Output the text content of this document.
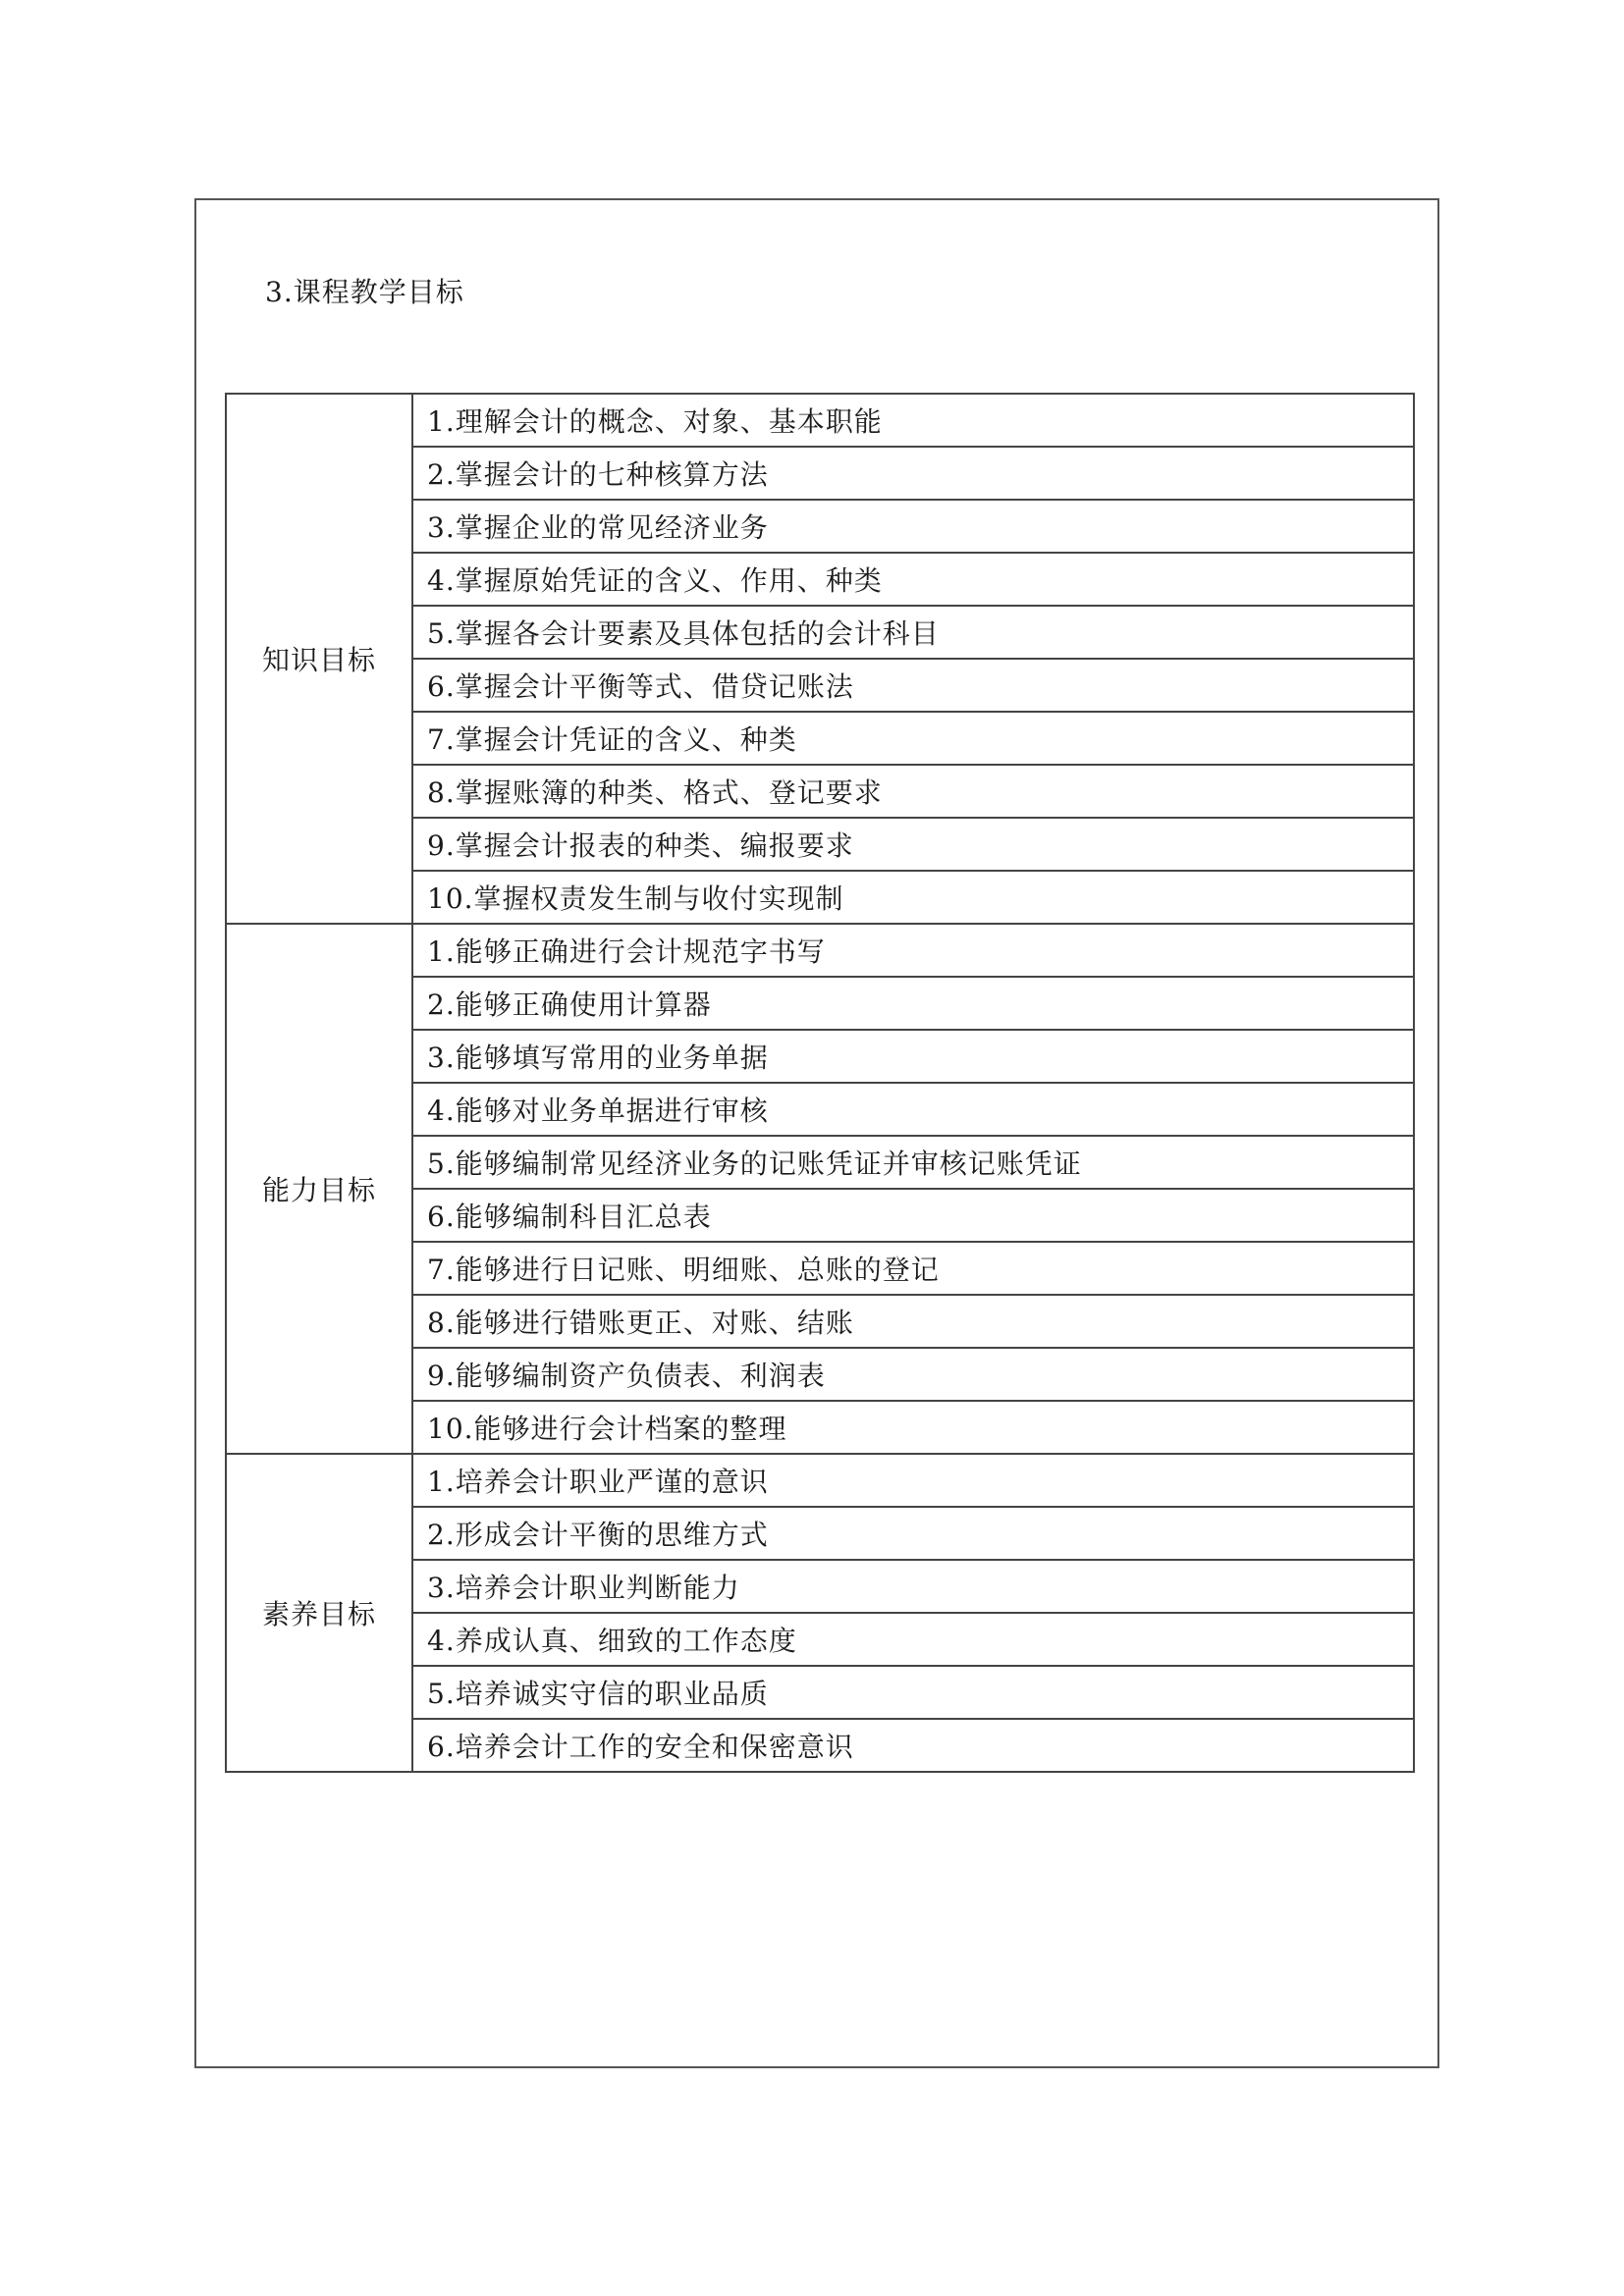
3.课程教学目标
知识目标	1.理解会计的概念、对象、基本职能
	2.掌握会计的七种核算方法
	3.掌握企业的常见经济业务
	4.掌握原始凭证的含义、作用、种类
	5.掌握各会计要素及具体包括的会计科目
	6.掌握会计平衡等式、借贷记账法
	7.掌握会计凭证的含义、种类
	8.掌握账簿的种类、格式、登记要求
	9.掌握会计报表的种类、编报要求
	10.掌握权责发生制与收付实现制
能力目标	1.能够正确进行会计规范字书写
	2.能够正确使用计算器
	3.能够填写常用的业务单据
	4.能够对业务单据进行审核
	5.能够编制常见经济业务的记账凭证并审核记账凭证
	6.能够编制科目汇总表
	7.能够进行日记账、明细账、总账的登记
	8.能够进行错账更正、对账、结账
	9.能够编制资产负债表、利润表
	10.能够进行会计档案的整理
素养目标	1.培养会计职业严谨的意识
	2.形成会计平衡的思维方式
	3.培养会计职业判断能力
	4.养成认真、细致的工作态度
	5.培养诚实守信的职业品质
	6.培养会计工作的安全和保密意识
